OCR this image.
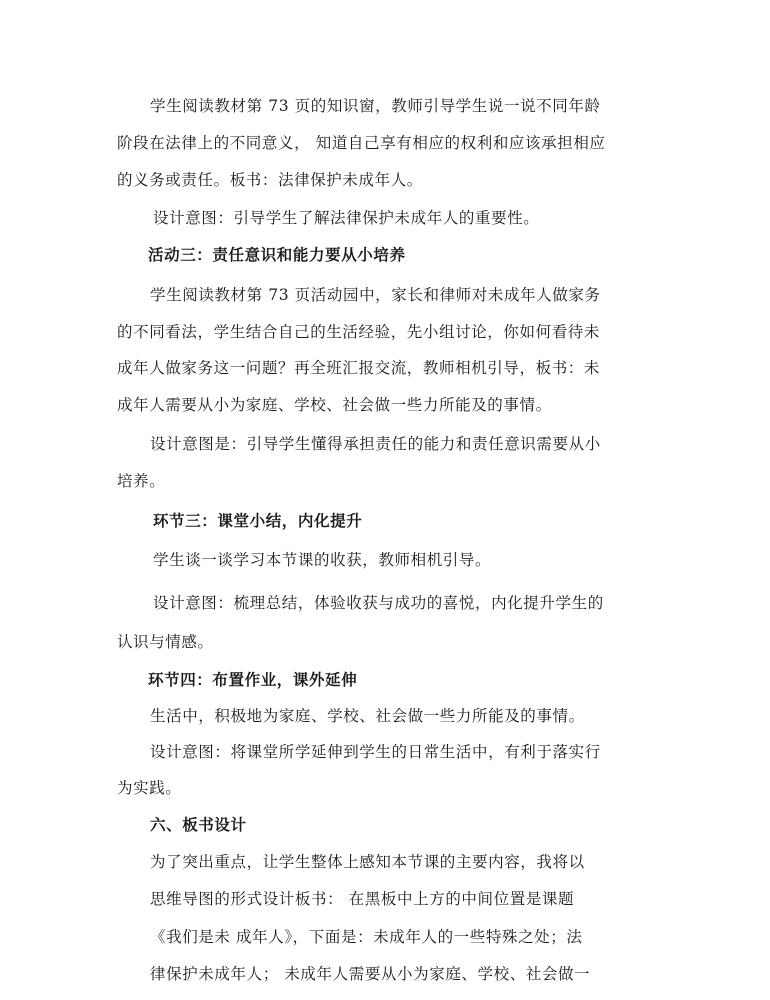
学生阅读教材第 73 页的知识窗，教师引导学生说一说不同年龄
阶段在法律上的不同意义， 知道自己享有相应的权利和应该承担相应
的义务或责任。板书：法律保护未成年人。
设计意图：引导学生了解法律保护未成年人的重要性。
活动三：责任意识和能力要从小培养
学生阅读教材第 73 页活动园中，家长和律师对未成年人做家务
的不同看法，学生结合自己的生活经验，先小组讨论，你如何看待未
成年人做家务这一问题？再全班汇报交流，教师相机引导，板书：未
成年人需要从小为家庭、学校、社会做一些力所能及的事情。
设计意图是：引导学生懂得承担责任的能力和责任意识需要从小
培养。
环节三：课堂小结，内化提升
学生谈一谈学习本节课的收获，教师相机引导。
设计意图：梳理总结，体验收获与成功的喜悦，内化提升学生的
认识与情感。
环节四：布置作业，课外延伸
生活中，积极地为家庭、学校、社会做一些力所能及的事情。
设计意图：将课堂所学延伸到学生的日常生活中，有利于落实行
为实践。
六、板书设计
为了突出重点，让学生整体上感知本节课的主要内容，我将以
思维导图的形式设计板书： 在黑板中上方的中间位置是课题
《我们是未 成年人》，下面是：未成年人的一些特殊之处；法
律保护未成年人； 未成年人需要从小为家庭、学校、社会做一
